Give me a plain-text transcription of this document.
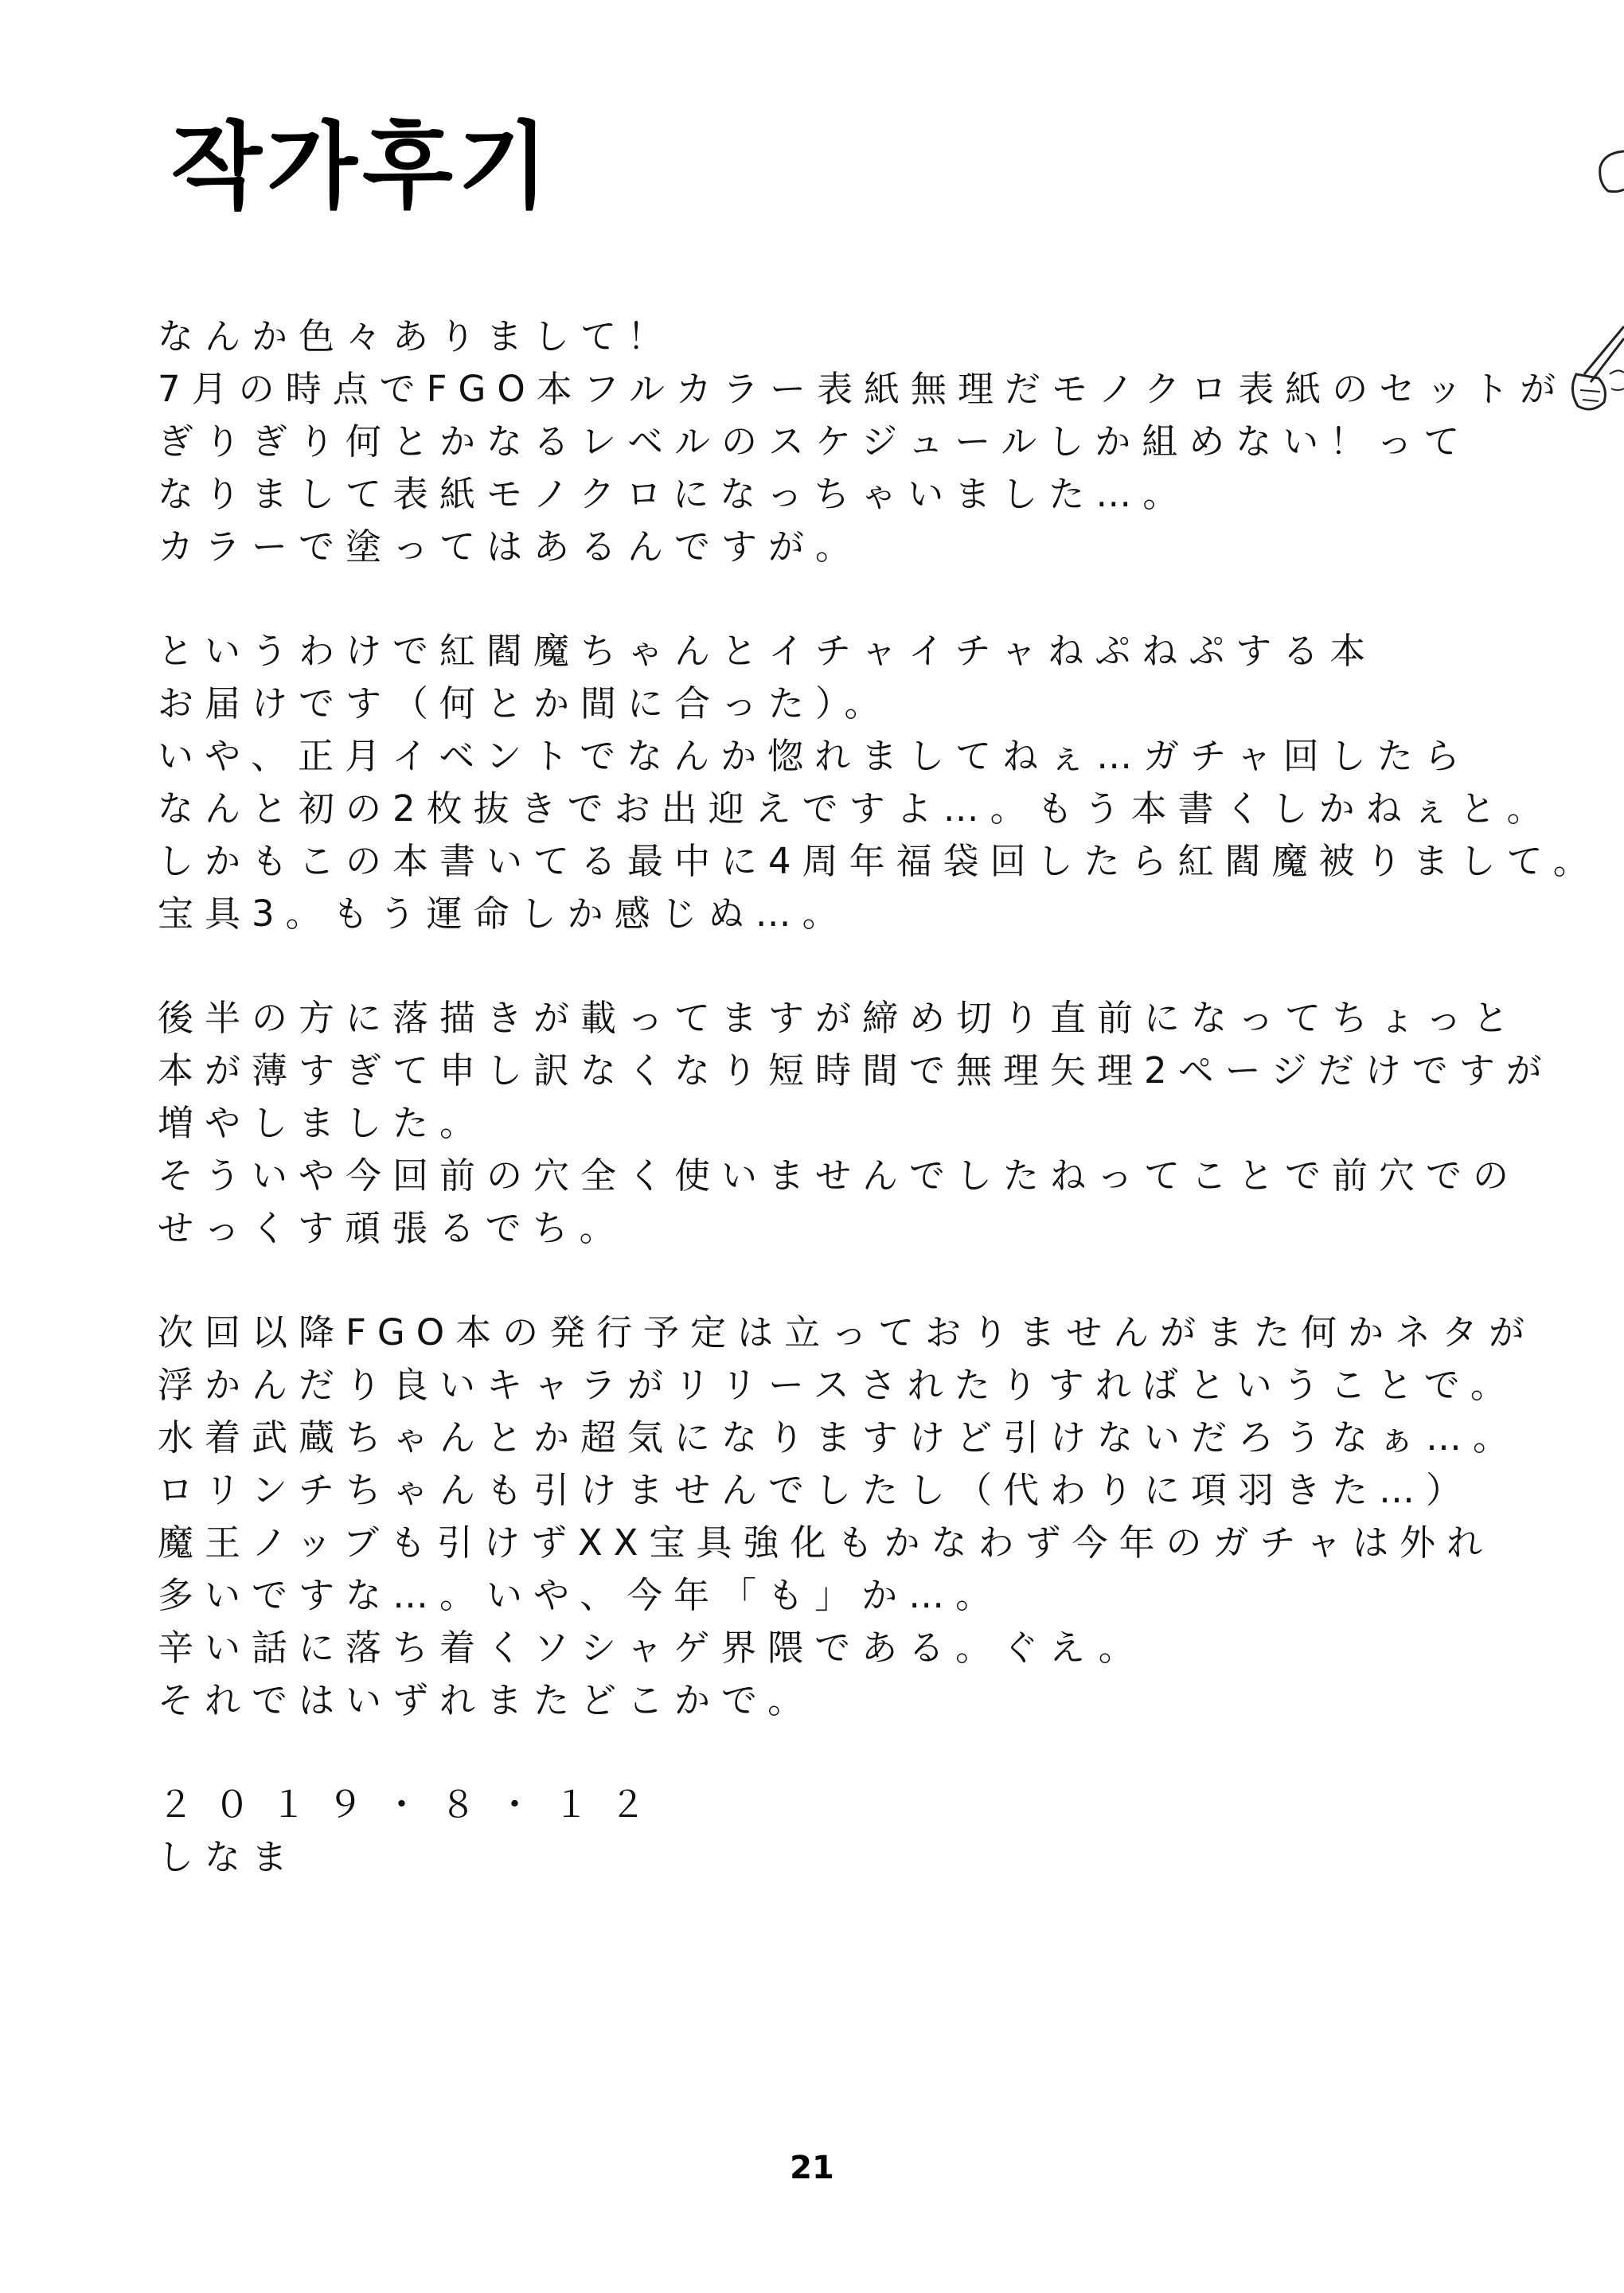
작가후기
なんか色々ありまして！
7月の時点でFGO本フルカラー表紙無理だモノクロ表紙のセットが
ぎりぎり何とかなるレベルのスケジュールしか組めない！って
なりまして表紙モノクロになっちゃいました…。
カラーで塗ってはあるんですが。
というわけで紅閻魔ちゃんとイチャイチャねぷねぷする本
お届けです（何とか間に合った）。
いや、正月イベントでなんか惚れましてねぇ…ガチャ回したら
なんと初の2枚抜きでお出迎えですよ…。もう本書くしかねぇと。
しかもこの本書いてる最中に4周年福袋回したら紅閻魔被りまして。
宝具3。もう運命しか感じぬ…。
後半の方に落描きが載ってますが締め切り直前になってちょっと
本が薄すぎて申し訳なくなり短時間で無理矢理2ページだけですが
増やしました。
そういや今回前の穴全く使いませんでしたねってことで前穴での
せっくす頑張るでち。
次回以降FGO本の発行予定は立っておりませんがまた何かネタが
浮かんだり良いキャラがリリースされたりすればということで。
水着武蔵ちゃんとか超気になりますけど引けないだろうなぁ…。
ロリンチちゃんも引けませんでしたし（代わりに項羽きた…）
魔王ノッブも引けずXX宝具強化もかなわず今年のガチャは外れ
多いですな…。いや、今年「も」か…。
辛い話に落ち着くソシャゲ界隈である。ぐえ。
それではいずれまたどこかで。
２０１９・８・１２
しなま
21
